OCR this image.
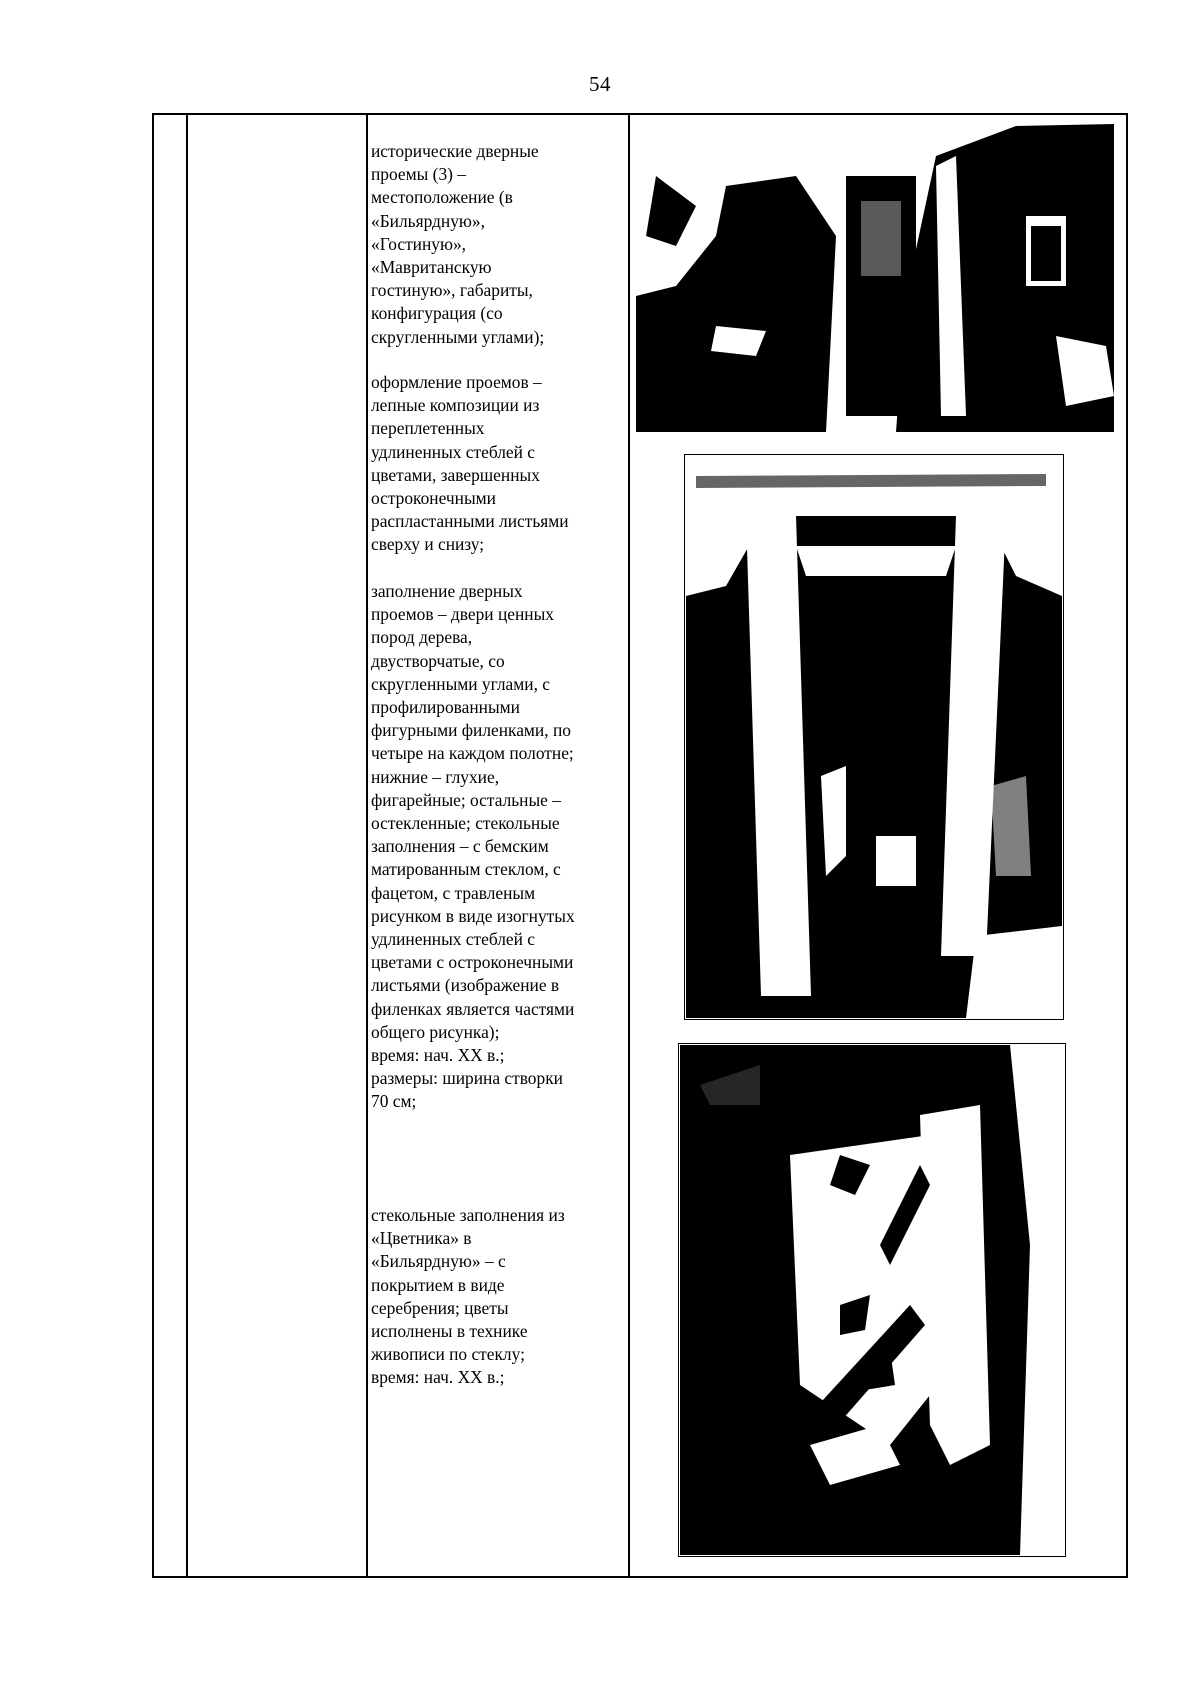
54

исторические дверные
проемы (3) –
местоположение (в
«Бильярдную»,
«Гостиную»,
«Мавританскую
гостиную», габариты,
конфигурация (со
скругленными углами);

оформление проемов –
лепные композиции из
переплетенных
удлиненных стеблей с
цветами, завершенных
остроконечными
распластанными листьями
сверху и снизу;

заполнение дверных
проемов – двери ценных
пород дерева,
двустворчатые, со
скругленными углами, с
профилированными
фигурными филенками, по
четыре на каждом полотне;
нижние – глухие,
фигарейные; остальные –
остекленные; стекольные
заполнения – с бемским
матированным стеклом, с
фацетом, с травленым
рисунком в виде изогнутых
удлиненных стеблей с
цветами с остроконечными
листьями (изображение в
филенках является частями
общего рисунка);
время: нач. XX в.;
размеры: ширина створки
70 см;

стекольные заполнения из
«Цветника» в
«Бильярдную» – с
покрытием в виде
серебрения; цветы
исполнены в технике
живописи по стеклу;
время: нач. XX в.;
